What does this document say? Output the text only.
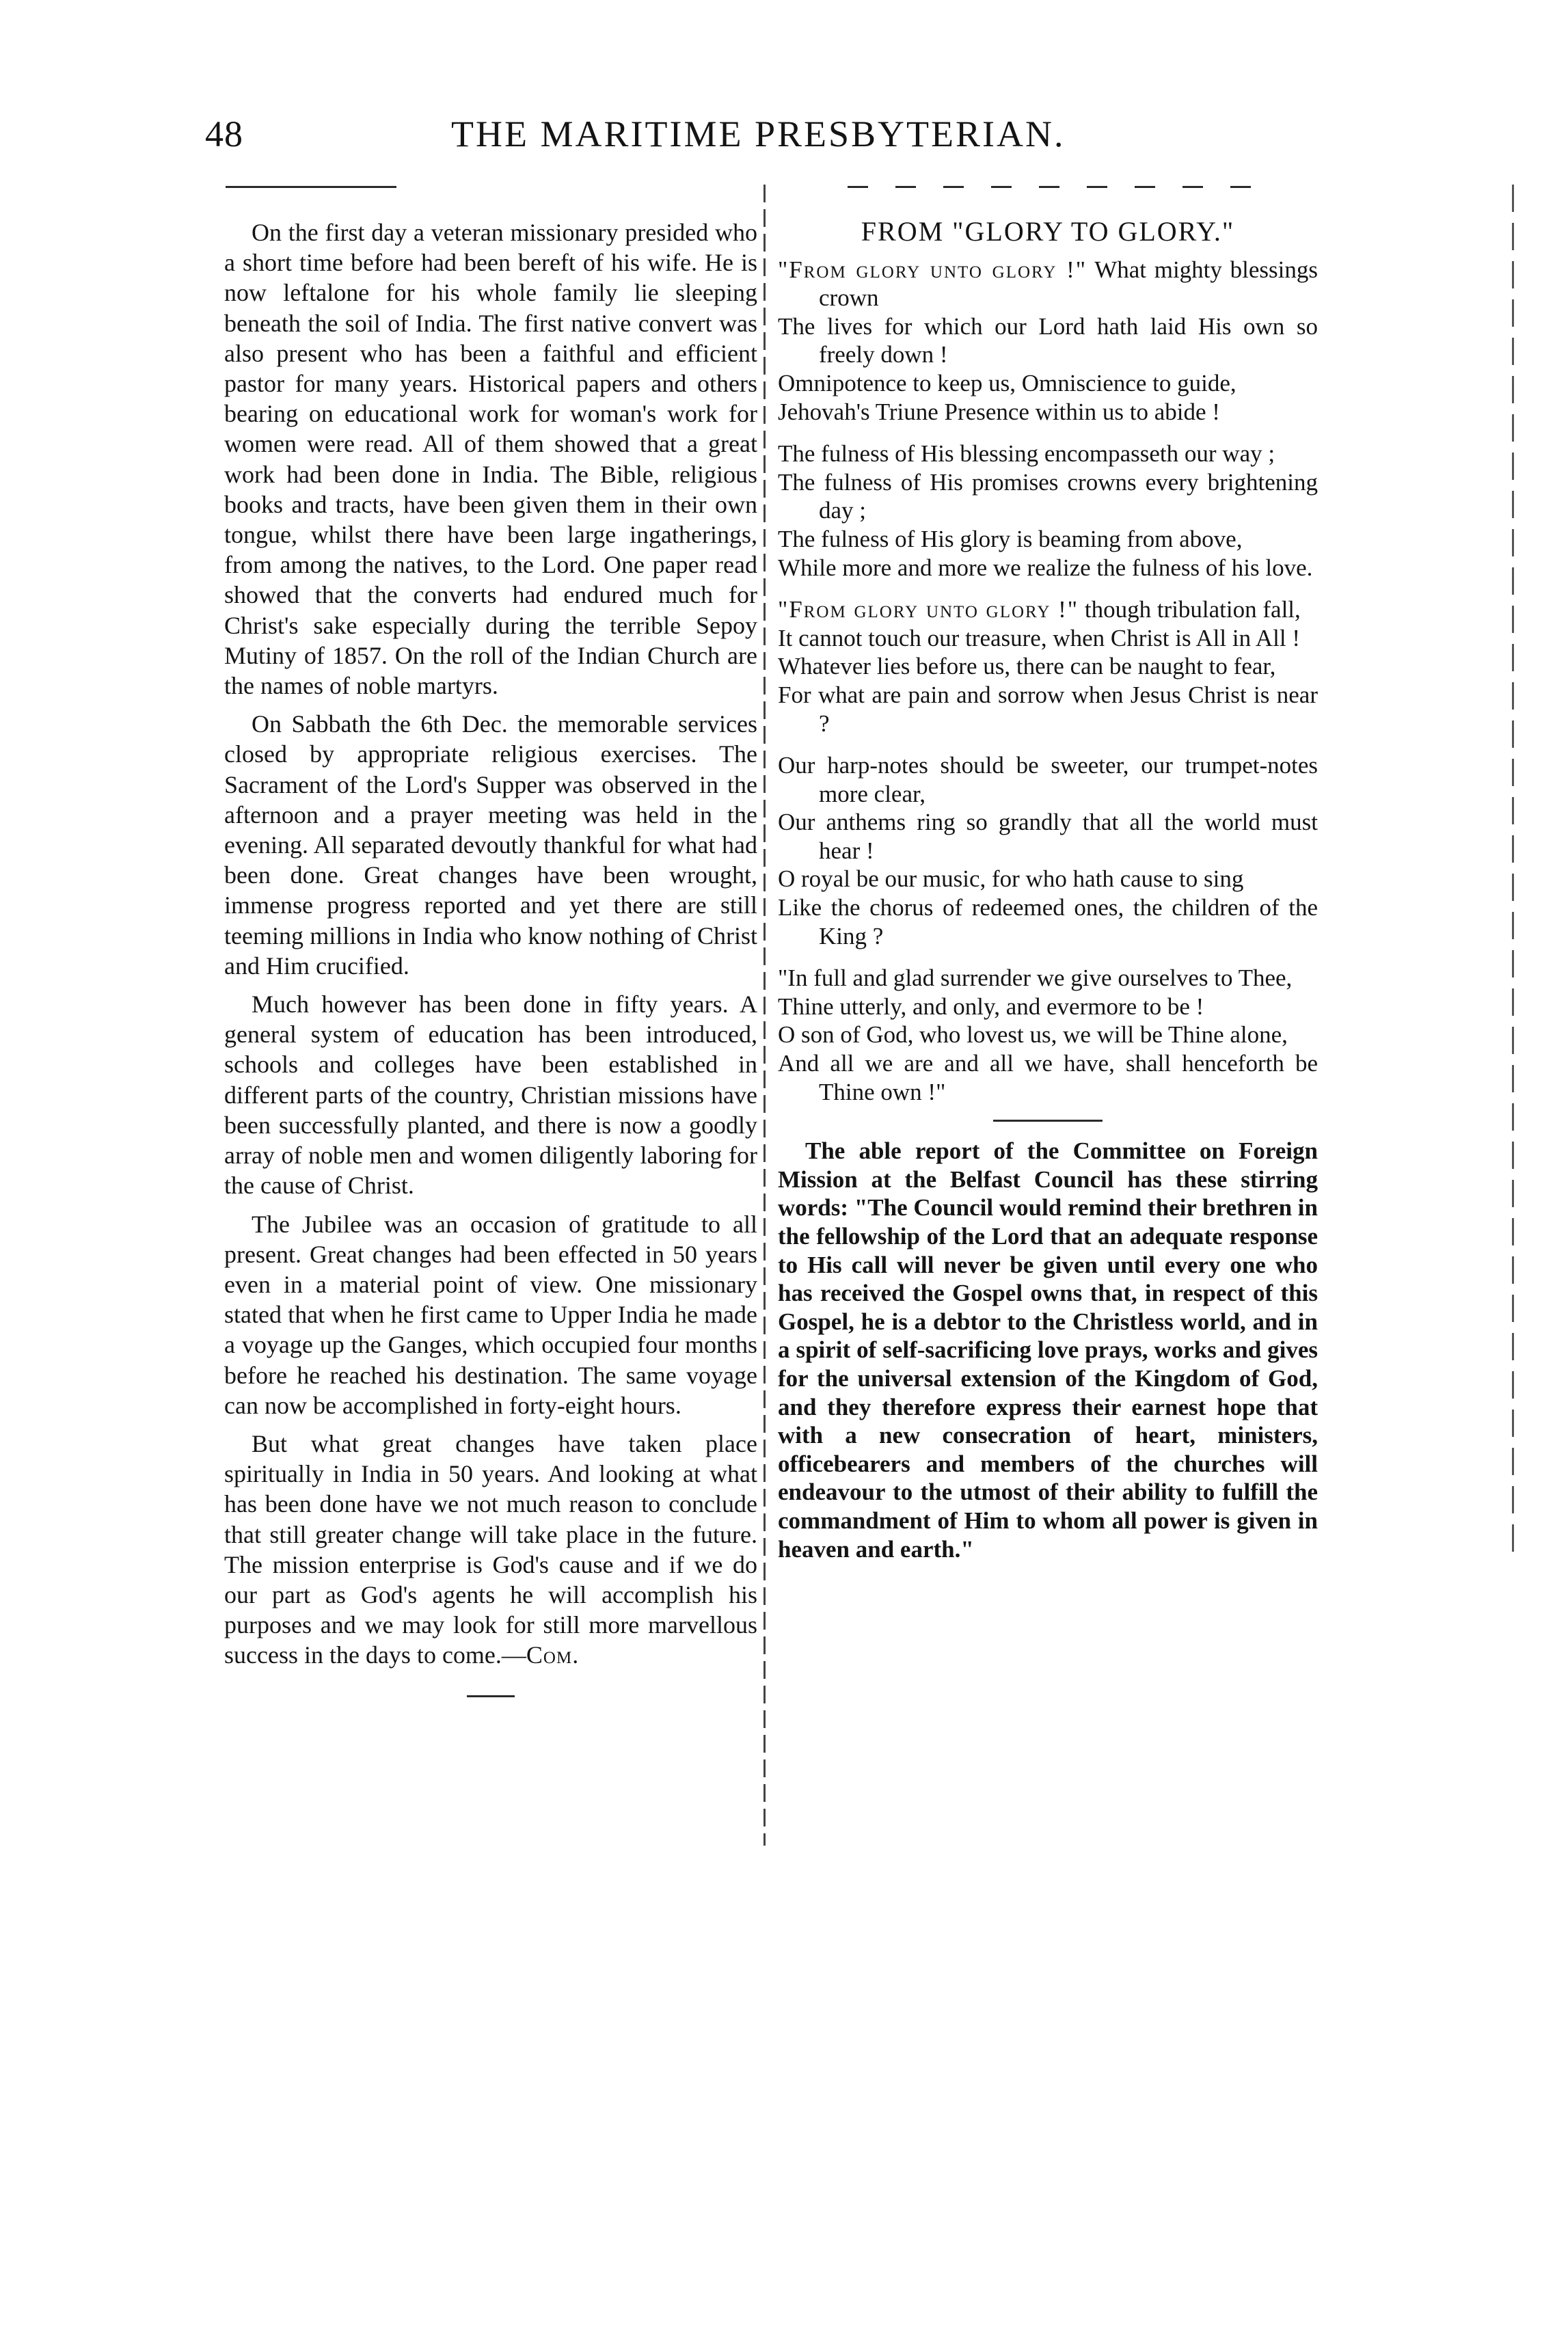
48	THE MARITIME PRESBYTERIAN.

On the first day a veteran missionary presided who a short time before had been bereft of his wife. He is now leftalone for his whole family lie sleeping beneath the soil of India. The first native convert was also present who has been a faithful and efficient pastor for many years. Historical papers and others bearing on educational work for woman's work for women were read. All of them showed that a great work had been done in India. The Bible, religious books and tracts, have been given them in their own tongue, whilst there have been large ingatherings, from among the natives, to the Lord. One paper read showed that the converts had endured much for Christ's sake especially during the terrible Sepoy Mutiny of 1857. On the roll of the Indian Church are the names of noble martyrs.

On Sabbath the 6th Dec. the memorable services closed by appropriate religious exercises. The Sacrament of the Lord's Supper was observed in the afternoon and a prayer meeting was held in the evening. All separated devoutly thankful for what had been done. Great changes have been wrought, immense progress reported and yet there are still teeming millions in India who know nothing of Christ and Him crucified.

Much however has been done in fifty years. A general system of education has been introduced, schools and colleges have been established in different parts of the country, Christian missions have been successfully planted, and there is now a goodly array of noble men and women diligently laboring for the cause of Christ.

The Jubilee was an occasion of gratitude to all present. Great changes had been effected in 50 years even in a material point of view. One missionary stated that when he first came to Upper India he made a voyage up the Ganges, which occupied four months before he reached his destination. The same voyage can now be accomplished in forty-eight hours.

But what great changes have taken place spiritually in India in 50 years. And looking at what has been done have we not much reason to conclude that still greater change will take place in the future. The mission enterprise is God's cause and if we do our part as God's agents he will accomplish his purposes and we may look for still more marvellous success in the days to come.—Com.

FROM "GLORY TO GLORY."
"From glory unto glory !" What mighty blessings crown
The lives for which our Lord hath laid His own so freely down !
Omnipotence to keep us, Omniscience to guide,
Jehovah's Triune Presence within us to abide !
The fulness of His blessing encompasseth our way ;
The fulness of His promises crowns every brightening day ;
The fulness of His glory is beaming from above,
While more and more we realize the fulness of his love.
"From glory unto glory !" though tribulation fall,
It cannot touch our treasure, when Christ is All in All !
Whatever lies before us, there can be naught to fear,
For what are pain and sorrow when Jesus Christ is near ?
Our harp-notes should be sweeter, our trumpet-notes more clear,
Our anthems ring so grandly that all the world must hear !
O royal be our music, for who hath cause to sing
Like the chorus of redeemed ones, the children of the King ?
"In full and glad surrender we give ourselves to Thee,
Thine utterly, and only, and evermore to be !
O son of God, who lovest us, we will be Thine alone,
And all we are and all we have, shall henceforth be Thine own !"

The able report of the Committee on Foreign Mission at the Belfast Council has these stirring words: "The Council would remind their brethren in the fellowship of the Lord that an adequate response to His call will never be given until every one who has received the Gospel owns that, in respect of this Gospel, he is a debtor to the Christless world, and in a spirit of self-sacrificing love prays, works and gives for the universal extension of the Kingdom of God, and they therefore express their earnest hope that with a new consecration of heart, ministers, officebearers and members of the churches will endeavour to the utmost of their ability to fulfill the commandment of Him to whom all power is given in heaven and earth."
